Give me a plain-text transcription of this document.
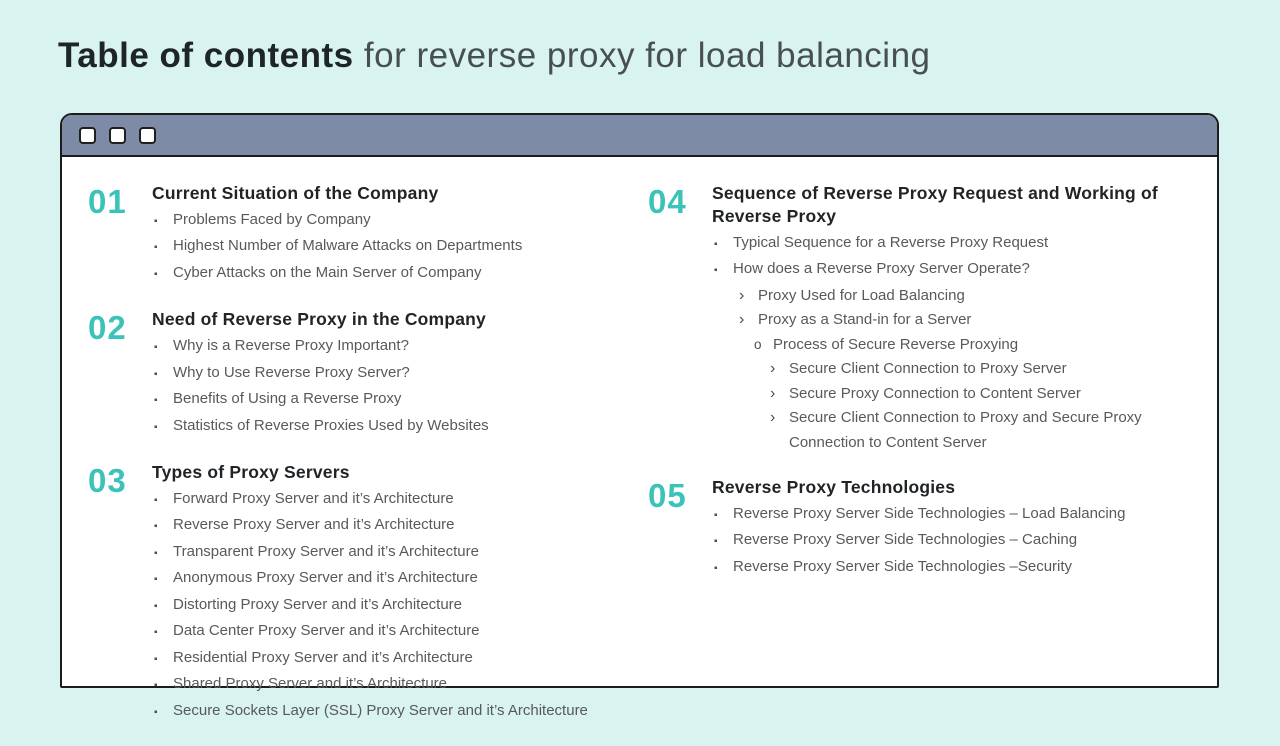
Table of contents for reverse proxy for load balancing
01	Current Situation of the Company
▪	Problems Faced by Company
▪	Highest Number of Malware Attacks on Departments
▪	Cyber Attacks on the Main Server of Company
02	Need of Reverse Proxy in the Company
▪	Why is a Reverse Proxy Important?
▪	Why to Use Reverse Proxy Server?
▪	Benefits of Using a Reverse Proxy
▪	Statistics of Reverse Proxies Used by Websites
03	Types of Proxy Servers
▪	Forward Proxy Server and it’s Architecture
▪	Reverse Proxy Server and it’s Architecture
▪	Transparent Proxy Server and it’s Architecture
▪	Anonymous Proxy Server and it’s Architecture
▪	Distorting Proxy Server and it’s Architecture
▪	Data Center Proxy Server and it’s Architecture
▪	Residential Proxy Server and it’s Architecture
▪	Shared Proxy Server and it’s Architecture
▪	Secure Sockets Layer (SSL) Proxy Server and it’s Architecture
04	Sequence of Reverse Proxy Request and Working of Reverse Proxy
▪	Typical Sequence for a Reverse Proxy Request
▪	How does a Reverse Proxy Server Operate?
› Proxy Used for Load Balancing
› Proxy as a Stand-in for a Server
o Process of Secure Reverse Proxying
› Secure Client Connection to Proxy Server
› Secure Proxy Connection to Content Server
› Secure Client Connection to Proxy and Secure Proxy Connection to Content Server
05	Reverse Proxy Technologies
▪	Reverse Proxy Server Side Technologies – Load Balancing
▪	Reverse Proxy Server Side Technologies – Caching
▪	Reverse Proxy Server Side Technologies –Security
